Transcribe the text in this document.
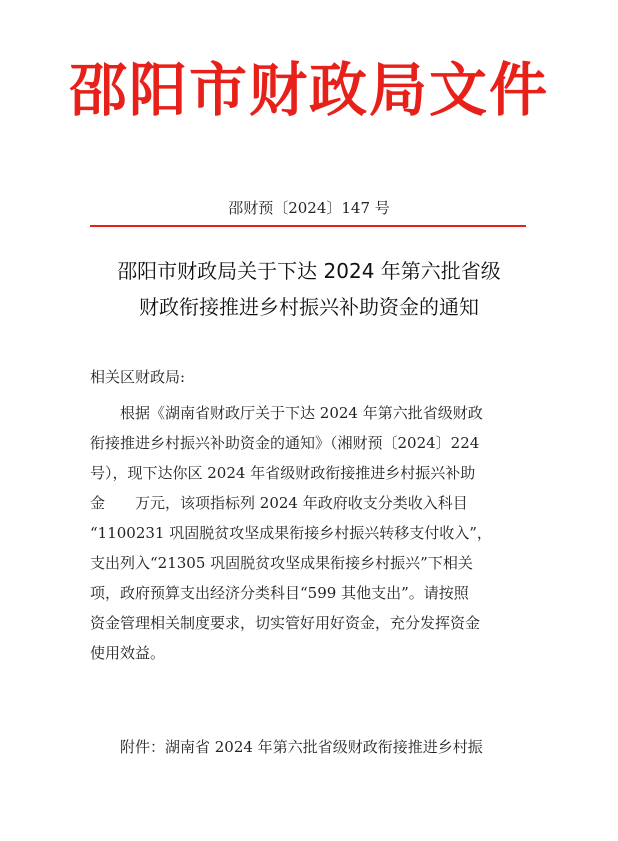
邵阳市财政局文件
邵财预〔2024〕147 号
邵阳市财政局关于下达 2024 年第六批省级
财政衔接推进乡村振兴补助资金的通知
相关区财政局:
根据《湖南省财政厅关于下达 2024 年第六批省级财政
衔接推进乡村振兴补助资金的通知》（湘财预〔2024〕224
号），现下达你区 2024 年省级财政衔接推进乡村振兴补助
金　　万元，该项指标列 2024 年政府收支分类收入科目
“1100231 巩固脱贫攻坚成果衔接乡村振兴转移支付收入”，
支出列入“21305 巩固脱贫攻坚成果衔接乡村振兴”下相关
项，政府预算支出经济分类科目“599 其他支出”。请按照
资金管理相关制度要求，切实管好用好资金，充分发挥资金
使用效益。
附件：湖南省 2024 年第六批省级财政衔接推进乡村振
